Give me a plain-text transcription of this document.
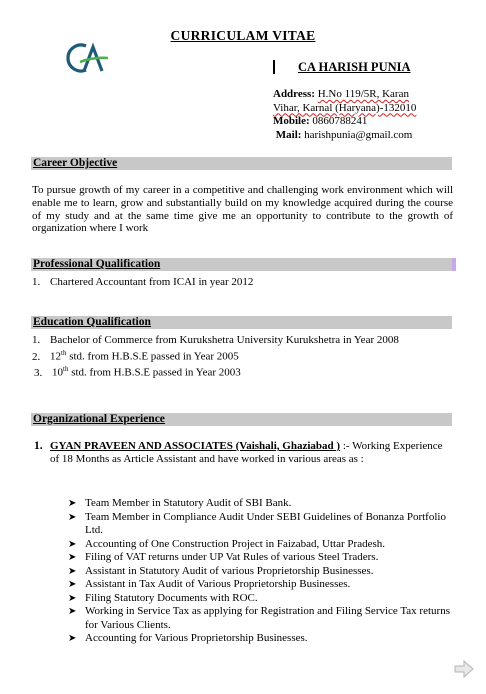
CURRICULAM VITAE
CA HARISH PUNIA
Address: H.No 119/5R, Karan
Vihar, Karnal (Haryana)-132010
Mobile: 0860788241
Mail: harishpunia@gmail.com
Career Objective
To pursue growth of my career in a competitive and challenging work environment which will enable me to learn, grow and substantially build on my knowledge acquired during the course of my study and at the same time give me an opportunity to contribute to the growth of organization where I work
Professional Qualification
1. Chartered Accountant from ICAI in year 2012
Education Qualification
1. Bachelor of Commerce from Kurukshetra University Kurukshetra in Year 2008
2. 12th std. from H.B.S.E passed in Year 2005
3. 10th std. from H.B.S.E passed in Year 2003
Organizational Experience
1. GYAN PRAVEEN AND ASSOCIATES (Vaishali, Ghaziabad ) :- Working Experience of 18 Months as Article Assistant and have worked in various areas as :
➤ Team Member in Statutory Audit of SBI Bank.
➤ Team Member in Compliance Audit Under SEBI Guidelines of Bonanza Portfolio Ltd.
➤ Accounting of One Construction Project in Faizabad, Uttar Pradesh.
➤ Filing of VAT returns under UP Vat Rules of various Steel Traders.
➤ Assistant in Statutory Audit of various Proprietorship Businesses.
➤ Assistant in Tax Audit of Various Proprietorship Businesses.
➤ Filing Statutory Documents with ROC.
➤ Working in Service Tax as applying for Registration and Filing Service Tax returns for Various Clients.
➤ Accounting for Various Proprietorship Businesses.
